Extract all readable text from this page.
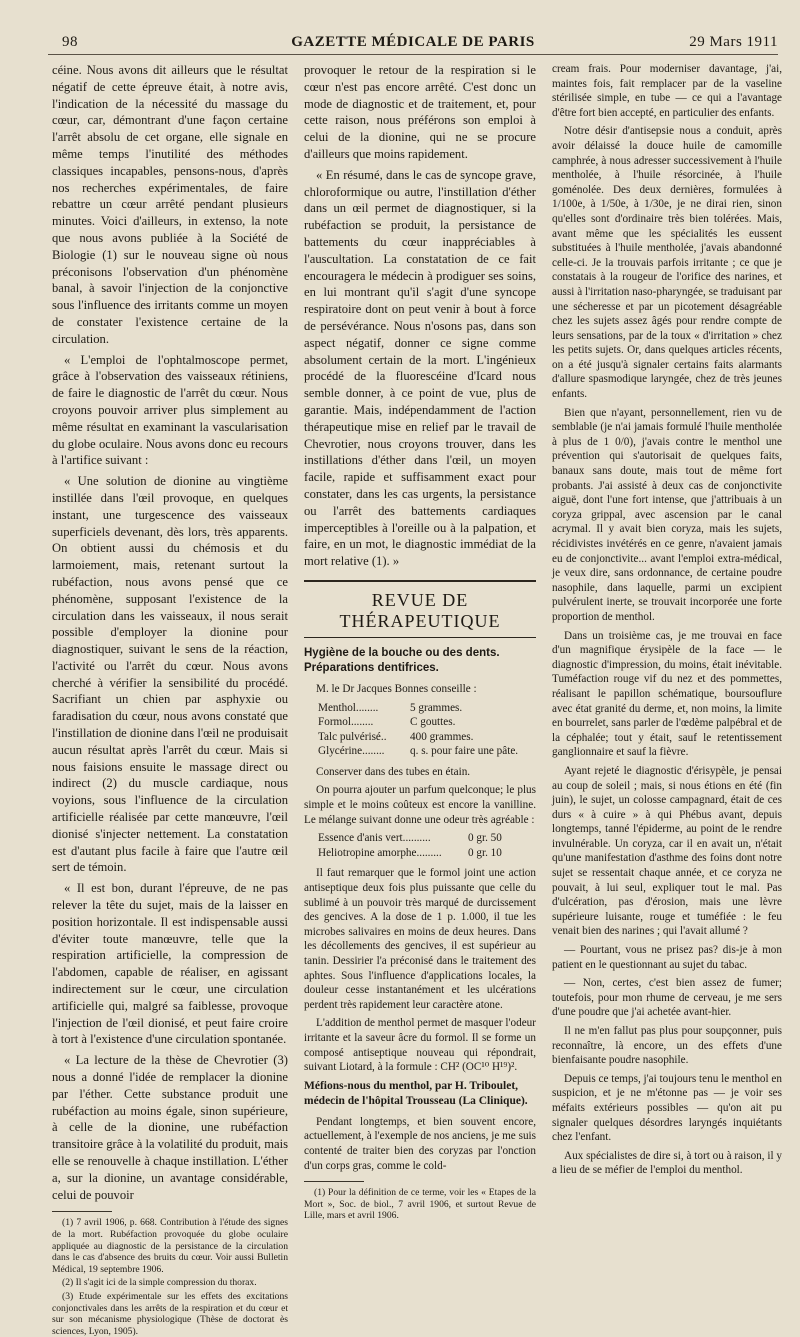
98	GAZETTE MÉDICALE DE PARIS	29 Mars 1911

céine. Nous avons dit ailleurs que le résultat négatif de cette épreuve était, à notre avis, l'indication de la nécessité du massage du cœur, car, démontrant d'une façon certaine l'arrêt absolu de cet organe, elle signale en même temps l'inutilité des méthodes classiques incapables, pensons-nous, d'après nos recherches expérimentales, de faire rebattre un cœur arrêté pendant plusieurs minutes. Voici d'ailleurs, in extenso, la note que nous avons publiée à la Société de Biologie (1) sur le nouveau signe où nous préconisons l'observation d'un phénomène banal, à savoir l'injection de la conjonctive sous l'influence des irritants comme un moyen de constater l'existence certaine de la circulation.

« L'emploi de l'ophtalmoscope permet, grâce à l'observation des vaisseaux rétiniens, de faire le diagnostic de l'arrêt du cœur. Nous croyons pouvoir arriver plus simplement au même résultat en examinant la vascularisation du globe oculaire. Nous avons donc eu recours à l'artifice suivant :

« Une solution de dionine au vingtième instillée dans l'œil provoque, en quelques instant, une turgescence des vaisseaux superficiels devenant, dès lors, très apparents. On obtient aussi du chémosis et du larmoiement, mais, retenant surtout la rubéfaction, nous avons pensé que ce phénomène, supposant l'existence de la circulation dans les vaisseaux, il nous serait possible d'employer la dionine pour diagnostiquer, suivant le sens de la réaction, l'activité ou l'arrêt du cœur. Nous avons cherché à vérifier la sensibilité du procédé. Sacrifiant un chien par asphyxie ou faradisation du cœur, nous avons constaté que l'instillation de dionine dans l'œil ne produisait aucun résultat après l'arrêt du cœur. Mais si nous faisions ensuite le massage direct ou indirect (2) du muscle cardiaque, nous voyions, sous l'influence de la circulation artificielle réalisée par cette manœuvre, l'œil dionisé s'injecter nettement. La constatation est d'autant plus facile à faire que l'autre œil sert de témoin.

« Il est bon, durant l'épreuve, de ne pas relever la tête du sujet, mais de la laisser en position horizontale. Il est indispensable aussi d'éviter toute manœuvre, telle que la respiration artificielle, la compression de l'abdomen, capable de réaliser, en agissant indirectement sur le cœur, une circulation artificielle qui, malgré sa faiblesse, provoque l'injection de l'œil dionisé, et peut faire croire à tort à l'existence d'une circulation spontanée.

« La lecture de la thèse de Chevrotier (3) nous a donné l'idée de remplacer la dionine par l'éther. Cette substance produit une rubéfaction au moins égale, sinon supérieure, à celle de la dionine, une rubéfaction transitoire grâce à la volatilité du produit, mais elle se renouvelle à chaque instillation. L'éther a, sur la dionine, un avantage considérable, celui de pouvoir

(1) 7 avril 1906, p. 668. Contribution à l'étude des signes de la mort. Rubéfaction provoquée du globe oculaire appliquée au diagnostic de la persistance de la circulation dans le cas d'absence des bruits du cœur. Voir aussi Bulletin Médical, 19 septembre 1906.

(2) Il s'agit ici de la simple compression du thorax.

(3) Etude expérimentale sur les effets des excitations conjonctivales dans les arrêts de la respiration et du cœur et sur son mécanisme physiologique (Thèse de doctorat ès sciences, Lyon, 1905).

provoquer le retour de la respiration si le cœur n'est pas encore arrêté. C'est donc un mode de diagnostic et de traitement, et, pour cette raison, nous préférons son emploi à celui de la dionine, qui ne se procure d'ailleurs que moins rapidement.

« En résumé, dans le cas de syncope grave, chloroformique ou autre, l'instillation d'éther dans un œil permet de diagnostiquer, si la rubéfaction se produit, la persistance de battements du cœur inappréciables à l'auscultation. La constatation de ce fait encouragera le médecin à prodiguer ses soins, en lui montrant qu'il s'agit d'une syncope respiratoire dont on peut venir à bout à force de persévérance. Nous n'osons pas, dans son aspect négatif, donner ce signe comme absolument certain de la mort. L'ingénieux procédé de la fluorescéine d'Icard nous semble donner, à ce point de vue, plus de garantie. Mais, indépendamment de l'action thérapeutique mise en relief par le travail de Chevrotier, nous croyons trouver, dans les instillations d'éther dans l'œil, un moyen facile, rapide et suffisamment exact pour constater, dans les cas urgents, la persistance ou l'arrêt des battements cardiaques imperceptibles à l'oreille ou à la palpation, et faire, en un mot, le diagnostic immédiat de la mort relative (1). »

REVUE DE THÉRAPEUTIQUE
Hygiène de la bouche ou des dents. Préparations dentifrices.

M. le Dr Jacques Bonnes conseille :

Menthol........	5 grammes.
Formol........	C gouttes.
Talc pulvérisé..	400 grammes.
Glycérine........	q. s. pour faire une pâte.

Conserver dans des tubes en étain.

On pourra ajouter un parfum quelconque; le plus simple et le moins coûteux est encore la vanilline. Le mélange suivant donne une odeur très agréable :

Essence d'anis vert..........	0 gr. 50
Heliotropine amorphe.........	0 gr. 10

Il faut remarquer que le formol joint une action antiseptique deux fois plus puissante que celle du sublimé à un pouvoir très marqué de durcissement des gencives. A la dose de 1 p. 1.000, il tue les microbes salivaires en moins de deux heures. Dans les décollements des gencives, il est supérieur au tanin. Dessirier l'a préconisé dans le traitement des aphtes. Sous l'influence d'applications locales, la douleur cesse instantanément et les ulcérations perdent très rapidement leur caractère atone.

L'addition de menthol permet de masquer l'odeur irritante et la saveur âcre du formol. Il se forme un composé antiseptique nouveau qui répondrait, suivant Liotard, à la formule : CH² (OC¹⁰ H¹⁹)².

Méfions-nous du menthol, par H. Triboulet, médecin de l'hôpital Trousseau (La Clinique).

Pendant longtemps, et bien souvent encore, actuellement, à l'exemple de nos anciens, je me suis contenté de traiter bien des coryzas par l'onction d'un corps gras, comme le cold-

(1) Pour la définition de ce terme, voir les « Etapes de la Mort », Soc. de biol., 7 avril 1906, et surtout Revue de Lille, mars et avril 1906.

cream frais. Pour moderniser davantage, j'ai, maintes fois, fait remplacer par de la vaseline stérilisée simple, en tube — ce qui a l'avantage d'être fort bien accepté, en particulier des enfants.

Notre désir d'antisepsie nous a conduit, après avoir délaissé la douce huile de camomille camphrée, à nous adresser successivement à l'huile mentholée, à l'huile résorcinée, à l'huile goménolée. Des deux dernières, formulées à 1/100e, à 1/50e, à 1/30e, je ne dirai rien, sinon qu'elles sont d'ordinaire très bien tolérées. Mais, avant même que les spécialités les eussent substituées à l'huile mentholée, j'avais abandonné celle-ci. Je la trouvais parfois irritante ; ce que je constatais à la rougeur de l'orifice des narines, et aussi à l'irritation naso-pharyngée, se traduisant par une sécheresse et par un picotement désagréable chez les sujets assez âgés pour rendre compte de leurs sensations, par de la toux « d'irritation » chez les petits sujets. Or, dans quelques articles récents, on a été jusqu'à signaler certains faits alarmants d'allure spasmodique laryngée, chez de très jeunes enfants.

Bien que n'ayant, personnellement, rien vu de semblable (je n'ai jamais formulé l'huile mentholée à plus de 1 0/0), j'avais contre le menthol une prévention qui s'autorisait de quelques faits, banaux sans doute, mais tout de même fort probants. J'ai assisté à deux cas de conjonctivite aiguë, dont l'une fort intense, que j'attribuais à un coryza grippal, avec ascension par le canal acrymal. Il y avait bien coryza, mais les sujets, récidivistes invétérés en ce genre, n'avaient jamais eu de conjonctivite... avant l'emploi extra-médical, je veux dire, sans ordonnance, de certaine poudre nasophile, dans laquelle, parmi un excipient pulvérulent inerte, se trouvait incorporée une forte proportion de menthol.

Dans un troisième cas, je me trouvai en face d'un magnifique érysipèle de la face — le diagnostic d'impression, du moins, était inévitable. Tuméfaction rouge vif du nez et des pommettes, réalisant le papillon schématique, boursouflure avec état granité du derme, et, non moins, la limite en bourrelet, sans parler de l'œdème palpébral et de la céphalée; tout y était, sauf le retentissement ganglionnaire et sauf la fièvre.

Ayant rejeté le diagnostic d'érisypèle, je pensai au coup de soleil ; mais, si nous étions en été (fin juin), le sujet, un colosse campagnard, était de ces durs « à cuire » à qui Phébus avant, depuis longtemps, tanné l'épiderme, au point de le rendre invulnérable. Un coryza, car il en avait un, n'était qu'une manifestation d'asthme des foins dont notre sujet se ressentait chaque année, et ce coryza ne pouvait, à lui seul, expliquer tout le mal. Pas d'ulcération, pas d'érosion, mais une lèvre supérieure luisante, rouge et tuméfiée : le feu venait bien des narines ; qui l'avait allumé ?

— Pourtant, vous ne prisez pas? dis-je à mon patient en le questionnant au sujet du tabac.

— Non, certes, c'est bien assez de fumer; toutefois, pour mon rhume de cerveau, je me sers d'une poudre que j'ai achetée avant-hier.

Il ne m'en fallut pas plus pour soupçonner, puis reconnaître, là encore, un des effets d'une bienfaisante poudre nasophile.

Depuis ce temps, j'ai toujours tenu le menthol en suspicion, et je ne m'étonne pas — je voir ses méfaits extérieurs possibles — qu'on ait pu signaler quelques désordres laryngés inquiétants chez l'enfant.

Aux spécialistes de dire si, à tort ou à raison, il y a lieu de se méfier de l'emploi du menthol.
